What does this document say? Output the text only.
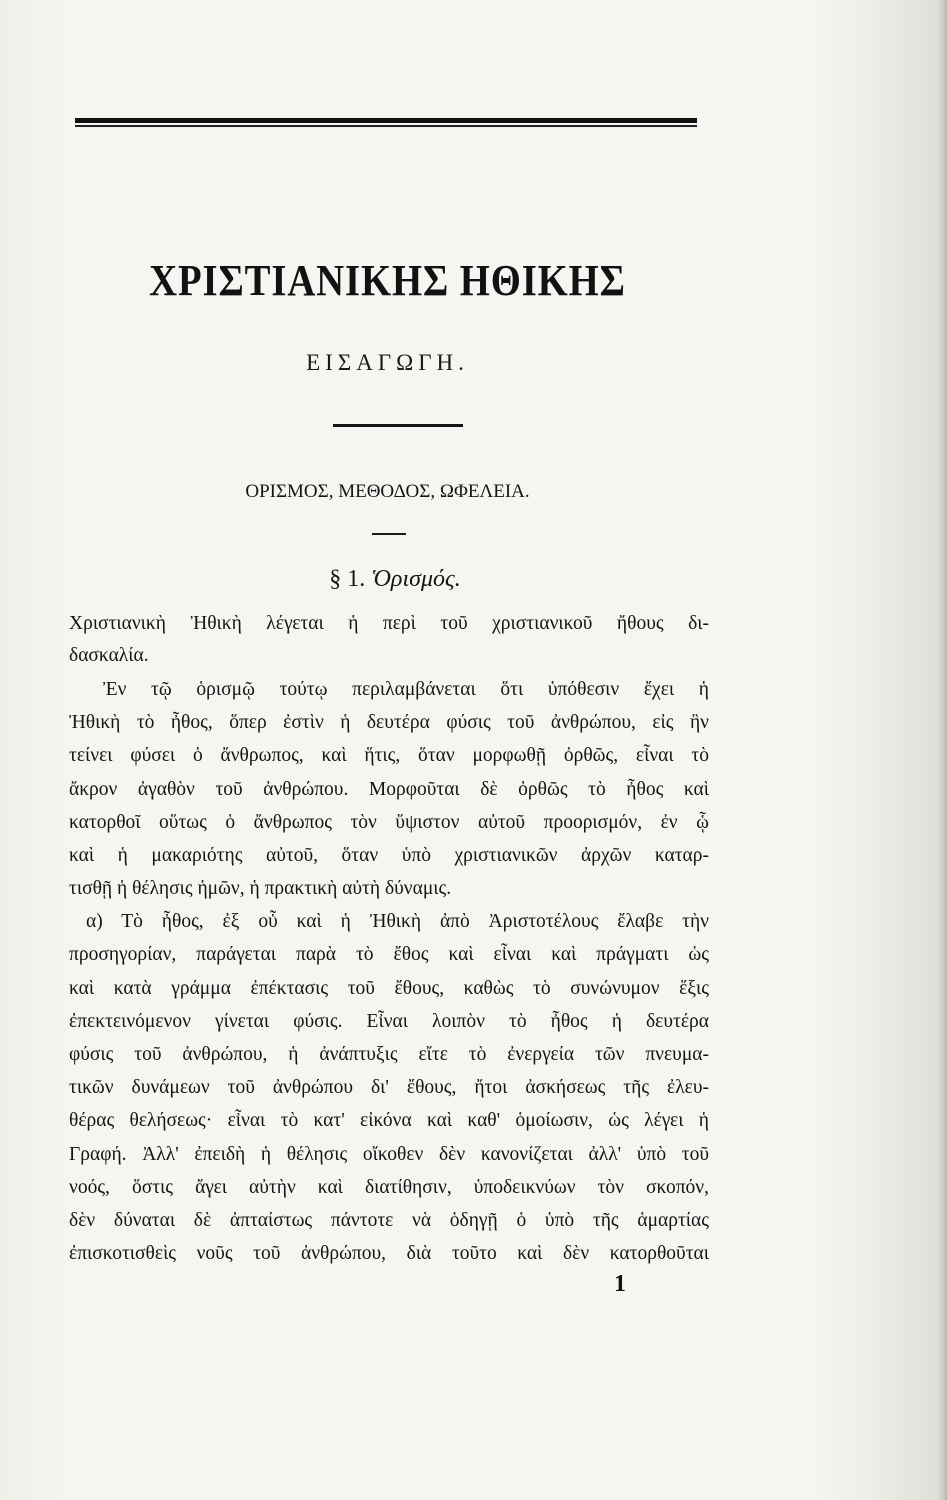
ΧΡΙΣΤΙΑΝΙΚΗΣ ΗΘΙΚΗΣ
ΕΙΣΑΓΩΓΗ.
ΟΡΙΣΜΟΣ, ΜΕΘΟΔΟΣ, ΩΦΕΛΕΙΑ.
§ 1. Ὁρισμός.
Χριστιανικὴ Ἠθικὴ λέγεται ἡ περὶ τοῦ χριστιανικοῦ ἤθους δι-
δασκαλία.
Ἐν τῷ ὁρισμῷ τούτῳ περιλαμβάνεται ὅτι ὑπόθεσιν ἔχει ἡ
Ἠθικὴ τὸ ἦθος, ὅπερ ἐστὶν ἡ δευτέρα φύσις τοῦ ἀνθρώπου, εἰς ἣν
τείνει φύσει ὁ ἄνθρωπος, καὶ ἥτις, ὅταν μορφωθῇ ὀρθῶς, εἶναι τὸ
ἄκρον ἀγαθὸν τοῦ ἀνθρώπου. Μορφοῦται δὲ ὀρθῶς τὸ ἦθος καὶ
κατορθοῖ οὕτως ὁ ἄνθρωπος τὸν ὕψιστον αὐτοῦ προορισμόν, ἐν ᾧ
καὶ ἡ μακαριότης αὐτοῦ, ὅταν ὑπὸ χριστιανικῶν ἀρχῶν καταρ-
τισθῇ ἡ θέλησις ἡμῶν, ἡ πρακτικὴ αὐτὴ δύναμις.
α) Τὸ ἦθος, ἐξ οὗ καὶ ἡ Ἠθικὴ ἀπὸ Ἀριστοτέλους ἔλαβε τὴν
προσηγορίαν, παράγεται παρὰ τὸ ἔθος καὶ εἶναι καὶ πράγματι ὡς
καὶ κατὰ γράμμα ἐπέκτασις τοῦ ἔθους, καθὼς τὸ συνώνυμον ἕξις
ἐπεκτεινόμενον γίνεται φύσις. Εἶναι λοιπὸν τὸ ἦθος ἡ δευτέρα
φύσις τοῦ ἀνθρώπου, ἡ ἀνάπτυξις εἴτε τὸ ἐνεργεία τῶν πνευμα-
τικῶν δυνάμεων τοῦ ἀνθρώπου δι' ἔθους, ἤτοι ἀσκήσεως τῆς ἐλευ-
θέρας θελήσεως· εἶναι τὸ κατ' εἰκόνα καὶ καθ' ὁμοίωσιν, ὡς λέγει ἡ
Γραφή. Ἀλλ' ἐπειδὴ ἡ θέλησις οἴκοθεν δὲν κανονίζεται ἀλλ' ὑπὸ τοῦ
νοός, ὅστις ἄγει αὐτὴν καὶ διατίθησιν, ὑποδεικνύων τὸν σκοπόν,
δὲν δύναται δὲ ἀπταίστως πάντοτε νὰ ὁδηγῇ ὁ ὑπὸ τῆς ἁμαρτίας
ἐπισκοτισθεὶς νοῦς τοῦ ἀνθρώπου, διὰ τοῦτο καὶ δὲν κατορθοῦται
1
